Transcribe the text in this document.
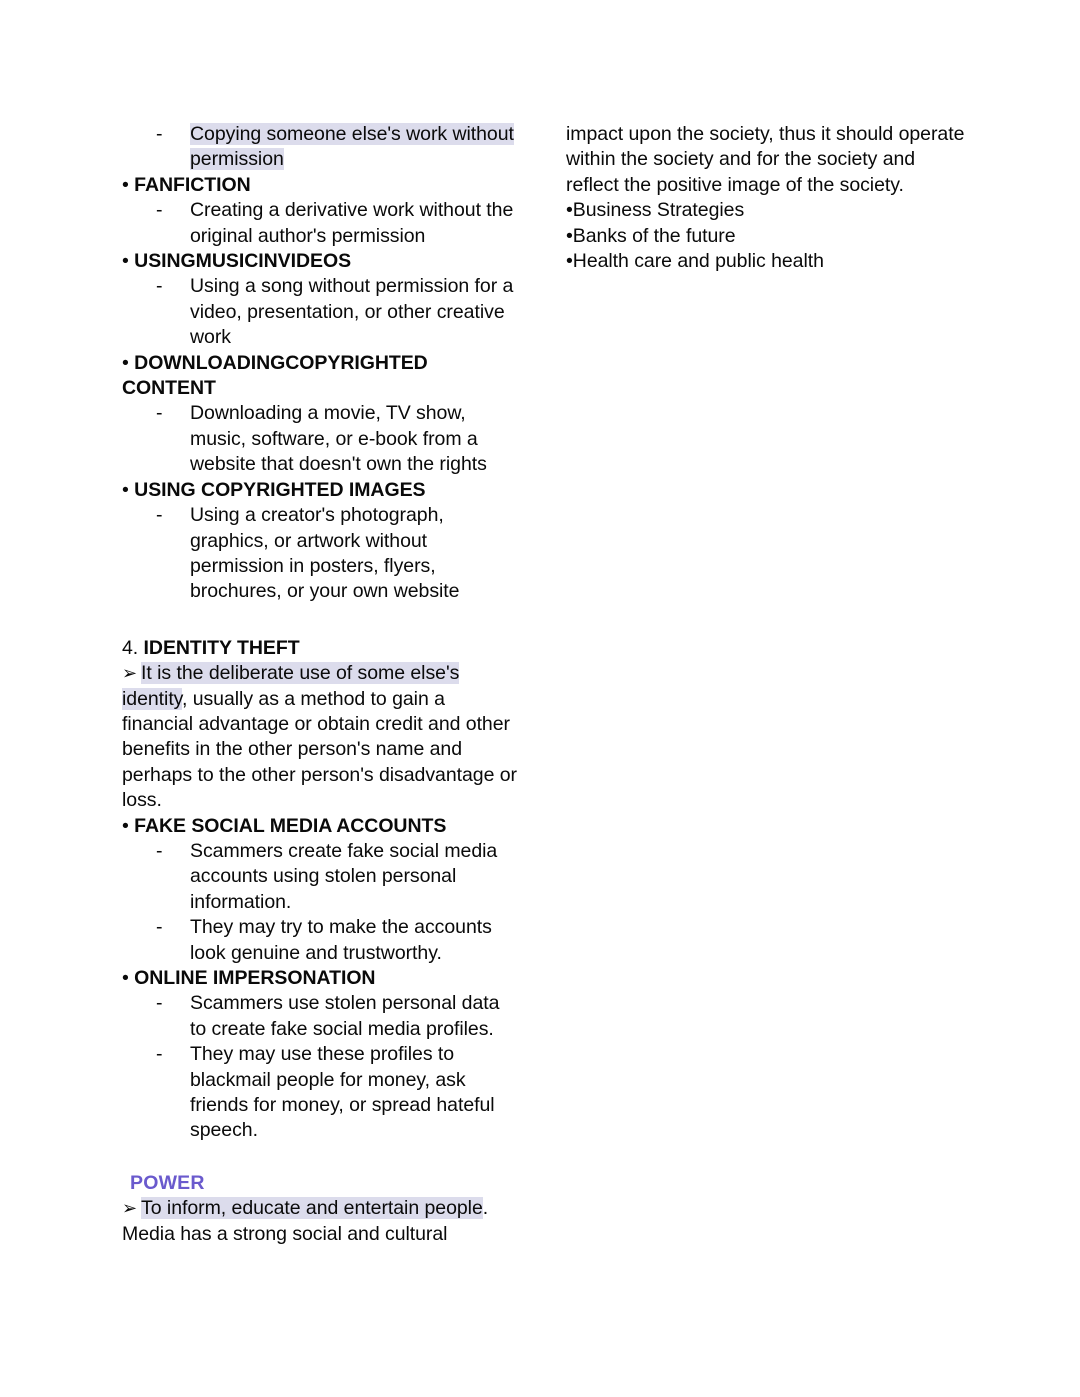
- Copying someone else's work without permission

• FANFICTION

- Creating a derivative work without the original author's permission

• USINGMUSICINVIDEOS

- Using a song without permission for a video, presentation, or other creative work

• DOWNLOADINGCOPYRIGHTED CONTENT

- Downloading a movie, TV show, music, software, or e-book from a website that doesn't own the rights

• USING COPYRIGHTED IMAGES

- Using a creator's photograph, graphics, or artwork without permission in posters, flyers, brochures, or your own website

4. IDENTITY THEFT

➢ It is the deliberate use of some else's identity, usually as a method to gain a financial advantage or obtain credit and other benefits in the other person's name and perhaps to the other person's disadvantage or loss.

• FAKE SOCIAL MEDIA ACCOUNTS

- Scammers create fake social media accounts using stolen personal information.

- They may try to make the accounts look genuine and trustworthy.

• ONLINE IMPERSONATION

- Scammers use stolen personal data to create fake social media profiles.

- They may use these profiles to blackmail people for money, ask friends for money, or spread hateful speech.

POWER

➢ To inform, educate and entertain people.

Media has a strong social and cultural

impact upon the society, thus it should operate within the society and for the society and reflect the positive image of the society.

•Business Strategies

•Banks of the future

•Health care and public health
